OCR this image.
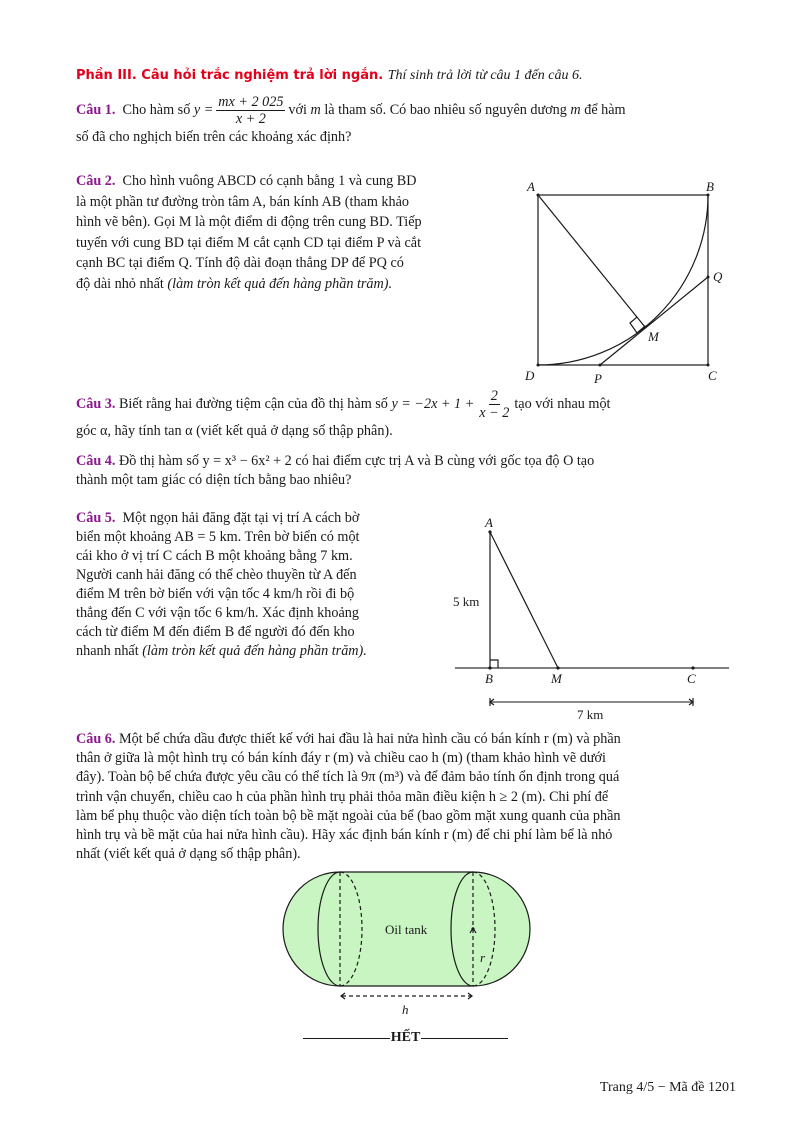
Phần III. Câu hỏi trắc nghiệm trả lời ngắn. Thí sinh trả lời từ câu 1 đến câu 6.
Câu 1.
Cho hàm số
$y = \frac{mx + 2 025}{x + 2}$ với
m
là tham số. Có bao nhiêu số nguyên dương
m
để hàm
số đã cho nghịch biến trên các khoảng xác định?
Câu 2. Cho hình vuông ABCD có cạnh bằng 1 và cung BD
là một phần tư đường tròn tâm A, bán kính AB (tham khảo
hình vẽ bên). Gọi M là một điểm di động trên cung BD. Tiếp
tuyến với cung BD tại điểm M cắt cạnh CD tại điểm P và cắt
cạnh BC tại điểm Q. Tính độ dài đoạn thẳng DP để PQ có
độ dài nhỏ nhất (làm tròn kết quả đến hàng phần trăm).
A	B
C
D
M
P
Q
Câu 3.
Biết rằng hai đường tiệm cận của đồ thị hàm số
$y = -2x + 1 + \frac{2}{x - 2}$ tạo với nhau một
góc α, hãy tính tan α (viết kết quả ở dạng số thập phân).
Câu 4. Đồ thị hàm số y = x³ − 6x² + 2 có hai điểm cực trị A và B cùng với gốc tọa độ O tạo
thành một tam giác có diện tích bằng bao nhiêu?
Câu 5. Một ngọn hải đăng đặt tại vị trí A cách bờ
biển một khoảng AB = 5 km. Trên bờ biển có một
cái kho ở vị trí C cách B một khoảng bằng 7 km.
Người canh hải đăng có thể chèo thuyền từ A đến
điểm M trên bờ biển với vận tốc 4 km/h rồi đi bộ
thẳng đến C với vận tốc 6 km/h. Xác định khoảng
cách từ điểm M đến điểm B để người đó đến kho
nhanh nhất (làm tròn kết quả đến hàng phần trăm).
A
B	M	C
5 km
7 km
Câu 6. Một bể chứa dầu được thiết kế với hai đầu là hai nửa hình cầu có bán kính r (m) và phần
thân ở giữa là một hình trụ có bán kính đáy r (m) và chiều cao h (m) (tham khảo hình vẽ dưới
đây). Toàn bộ bể chứa được yêu cầu có thể tích là 9π (m³) và để đảm bảo tính ổn định trong quá
trình vận chuyển, chiều cao h của phần hình trụ phải thỏa mãn điều kiện h ≥ 2 (m). Chi phí để
làm bể phụ thuộc vào diện tích toàn bộ bề mặt ngoài của bể (bao gồm mặt xung quanh của phần
hình trụ và bề mặt của hai nửa hình cầu). Hãy xác định bán kính r (m) để chi phí làm bể là nhỏ
nhất (viết kết quả ở dạng số thập phân).
Oil tank
r
h
HẾT
Trang 4/5 − Mã đề 1201
